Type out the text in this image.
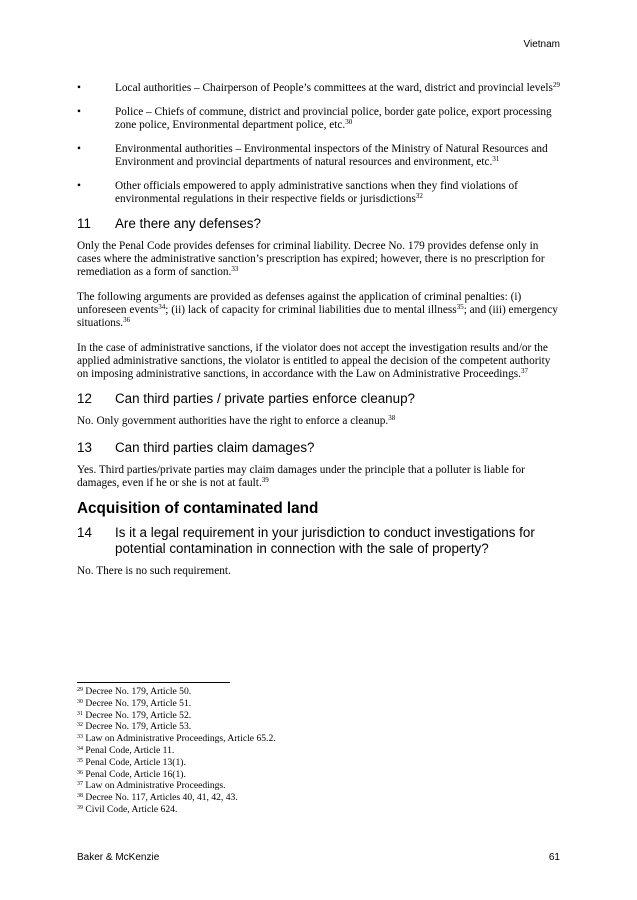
Vietnam
•	Local authorities – Chairperson of People’s committees at the ward, district and provincial levels$^{29}$
•	Police – Chiefs of commune, district and provincial police, border gate police, export processing zone police, Environmental department police, etc.$^{30}$
•	Environmental authorities – Environmental inspectors of the Ministry of Natural Resources and Environment and provincial departments of natural resources and environment, etc.$^{31}$
•	Other officials empowered to apply administrative sanctions when they find violations of environmental regulations in their respective fields or jurisdictions$^{32}$
11	Are there any defenses?

Only the Penal Code provides defenses for criminal liability. Decree No. 179 provides defense only in cases where the administrative sanction’s prescription has expired; however, there is no prescription for remediation as a form of sanction.$^{33}$

The following arguments are provided as defenses against the application of criminal penalties: (i) unforeseen events$^{34}$; (ii) lack of capacity for criminal liabilities due to mental illness$^{35}$; and (iii) emergency situations.$^{36}$

In the case of administrative sanctions, if the violator does not accept the investigation results and/or the applied administrative sanctions, the violator is entitled to appeal the decision of the competent authority on imposing administrative sanctions, in accordance with the Law on Administrative Proceedings.$^{37}$

12	Can third parties / private parties enforce cleanup?

No. Only government authorities have the right to enforce a cleanup.$^{38}$

13	Can third parties claim damages?

Yes. Third parties/private parties may claim damages under the principle that a polluter is liable for damages, even if he or she is not at fault.$^{39}$

Acquisition of contaminated land
14	Is it a legal requirement in your jurisdiction to conduct investigations for potential contamination in connection with the sale of property?

No. There is no such requirement.

$^{29}$ Decree No. 179, Article 50.
$^{30}$ Decree No. 179, Article 51.
$^{31}$ Decree No. 179, Article 52.
$^{32}$ Decree No. 179, Article 53.
$^{33}$ Law on Administrative Proceedings, Article 65.2.
$^{34}$ Penal Code, Article 11.
$^{35}$ Penal Code, Article 13(1).
$^{36}$ Penal Code, Article 16(1).
$^{37}$ Law on Administrative Proceedings.
$^{38}$ Decree No. 117, Articles 40, 41, 42, 43.
$^{39}$ Civil Code, Article 624.
Baker & McKenzie	61
